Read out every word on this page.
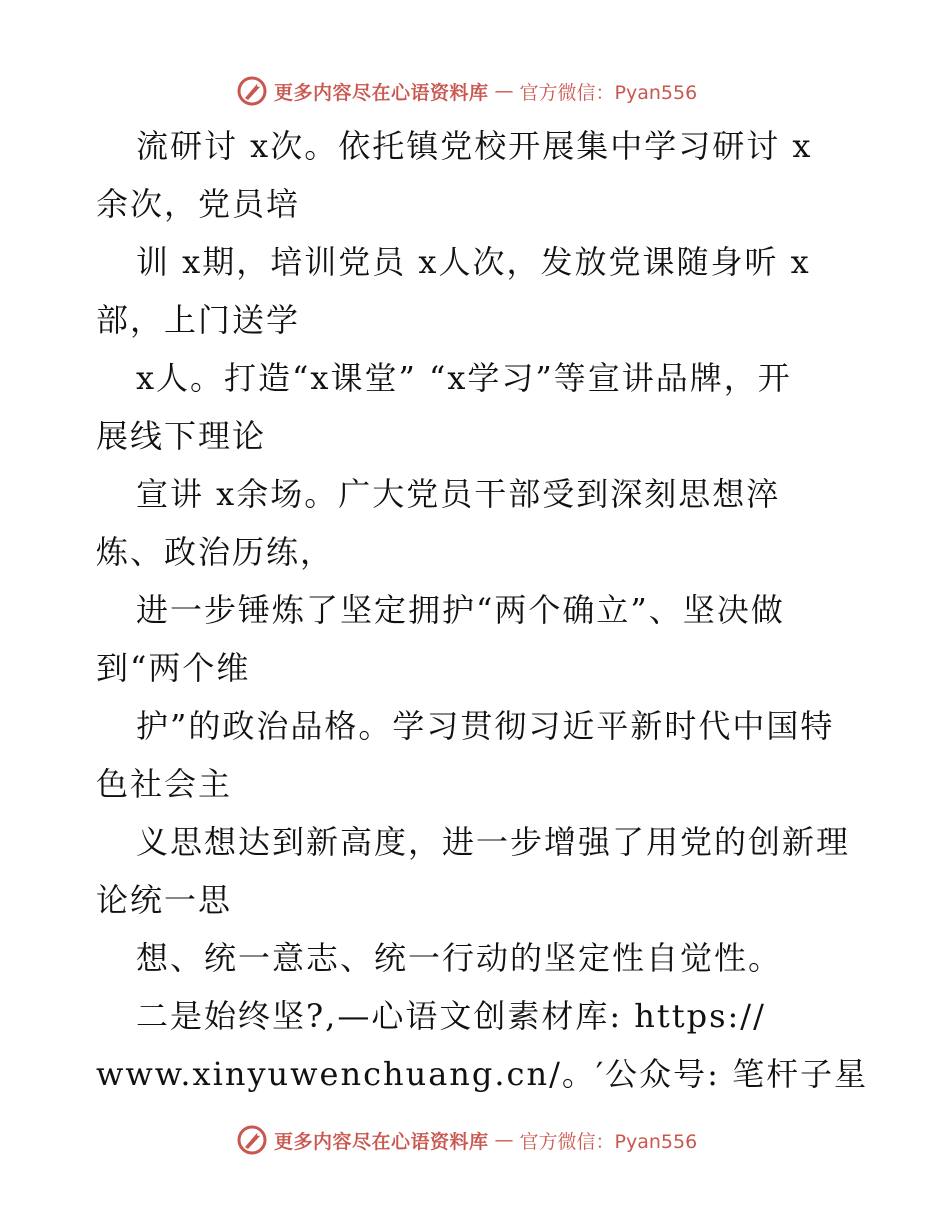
更多内容尽在心语资料库 — 官方微信：Pyan556
流研讨 x次。依托镇党校开展集中学习研讨 x
余次，党员培
训 x期，培训党员 x人次，发放党课随身听 x
部，上门送学
x人。打造“x课堂” “x学习”等宣讲品牌，开
展线下理论
宣讲 x余场。广大党员干部受到深刻思想淬
炼、政治历练，
进一步锤炼了坚定拥护“两个确立”、坚决做
到“两个维
护”的政治品格。学习贯彻习近平新时代中国特
色社会主
义思想达到新高度，进一步增强了用党的创新理
论统一思
想、统一意志、统一行动的坚定性自觉性。
二是始终坚?,—心语文创素材库: https://
www.xinyuwenchuang.cn/。′公众号: 笔杆子星
更多内容尽在心语资料库 — 官方微信：Pyan556
